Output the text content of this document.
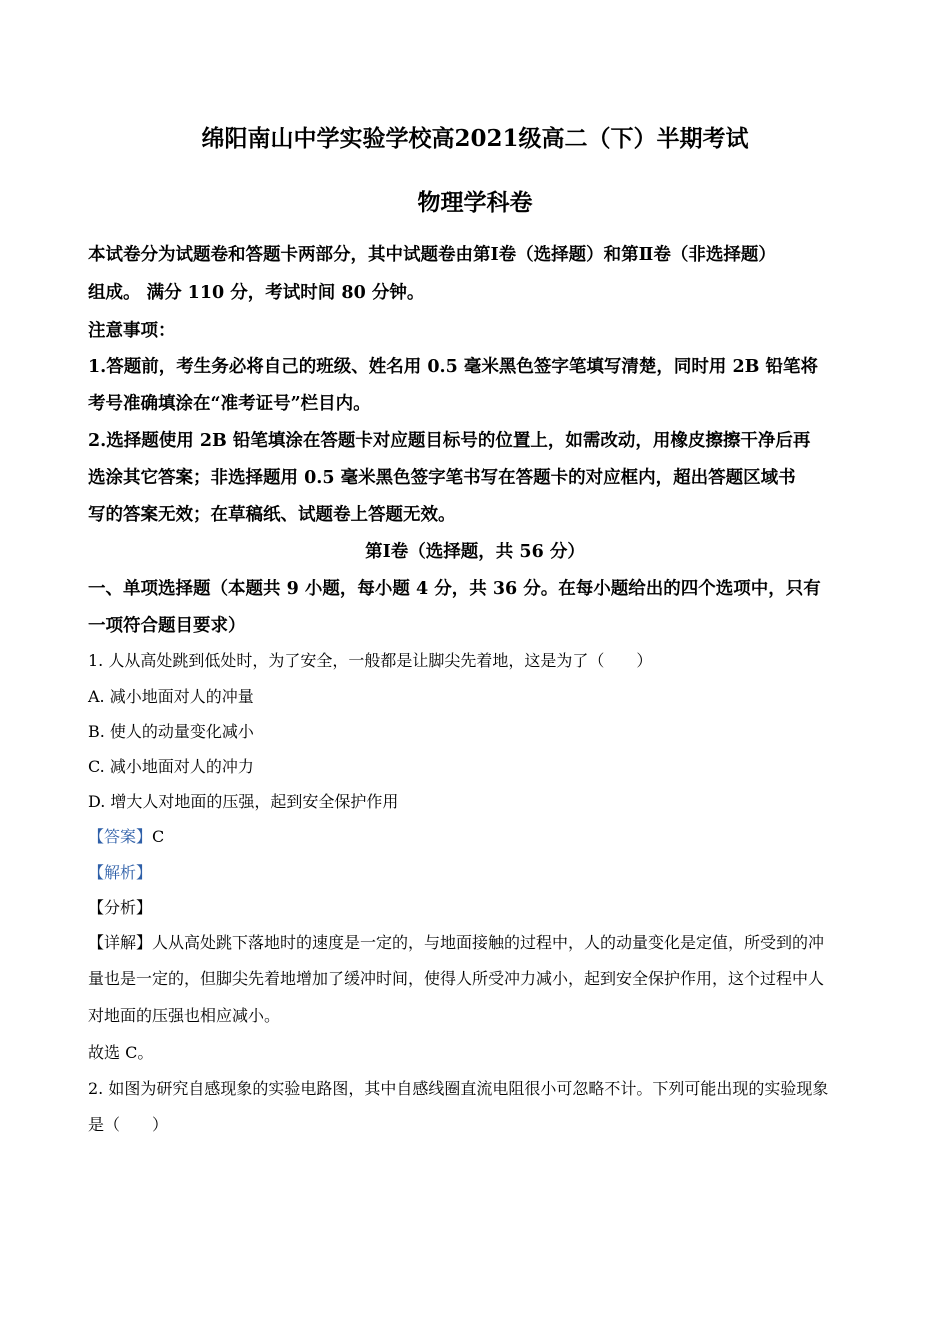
绵阳南山中学实验学校高2021级高二（下）半期考试
物理学科卷
本试卷分为试题卷和答题卡两部分，其中试题卷由第Ⅰ卷（选择题）和第Ⅱ卷（非选择题）
组成。 满分 110 分，考试时间 80 分钟。
注意事项：
1.答题前，考生务必将自己的班级、姓名用 0.5 毫米黑色签字笔填写清楚，同时用 2B 铅笔将
考号准确填涂在“准考证号”栏目内。
2.选择题使用 2B 铅笔填涂在答题卡对应题目标号的位置上，如需改动，用橡皮擦擦干净后再
选涂其它答案；非选择题用 0.5 毫米黑色签字笔书写在答题卡的对应框内，超出答题区域书
写的答案无效；在草稿纸、试题卷上答题无效。
第Ⅰ卷（选择题，共 56 分）
一、单项选择题（本题共 9 小题，每小题 4 分，共 36 分。在每小题给出的四个选项中，只有
一项符合题目要求）
1. 人从高处跳到低处时，为了安全，一般都是让脚尖先着地，这是为了（　　）
A. 减小地面对人的冲量
B. 使人的动量变化减小
C. 减小地面对人的冲力
D. 增大人对地面的压强，起到安全保护作用
【答案】C
【解析】
【分析】
【详解】人从高处跳下落地时的速度是一定的，与地面接触的过程中，人的动量变化是定值，所受到的冲
量也是一定的，但脚尖先着地增加了缓冲时间，使得人所受冲力减小，起到安全保护作用，这个过程中人
对地面的压强也相应减小。
故选 C。
2. 如图为研究自感现象的实验电路图，其中自感线圈直流电阻很小可忽略不计。下列可能出现的实验现象
是（　　）
